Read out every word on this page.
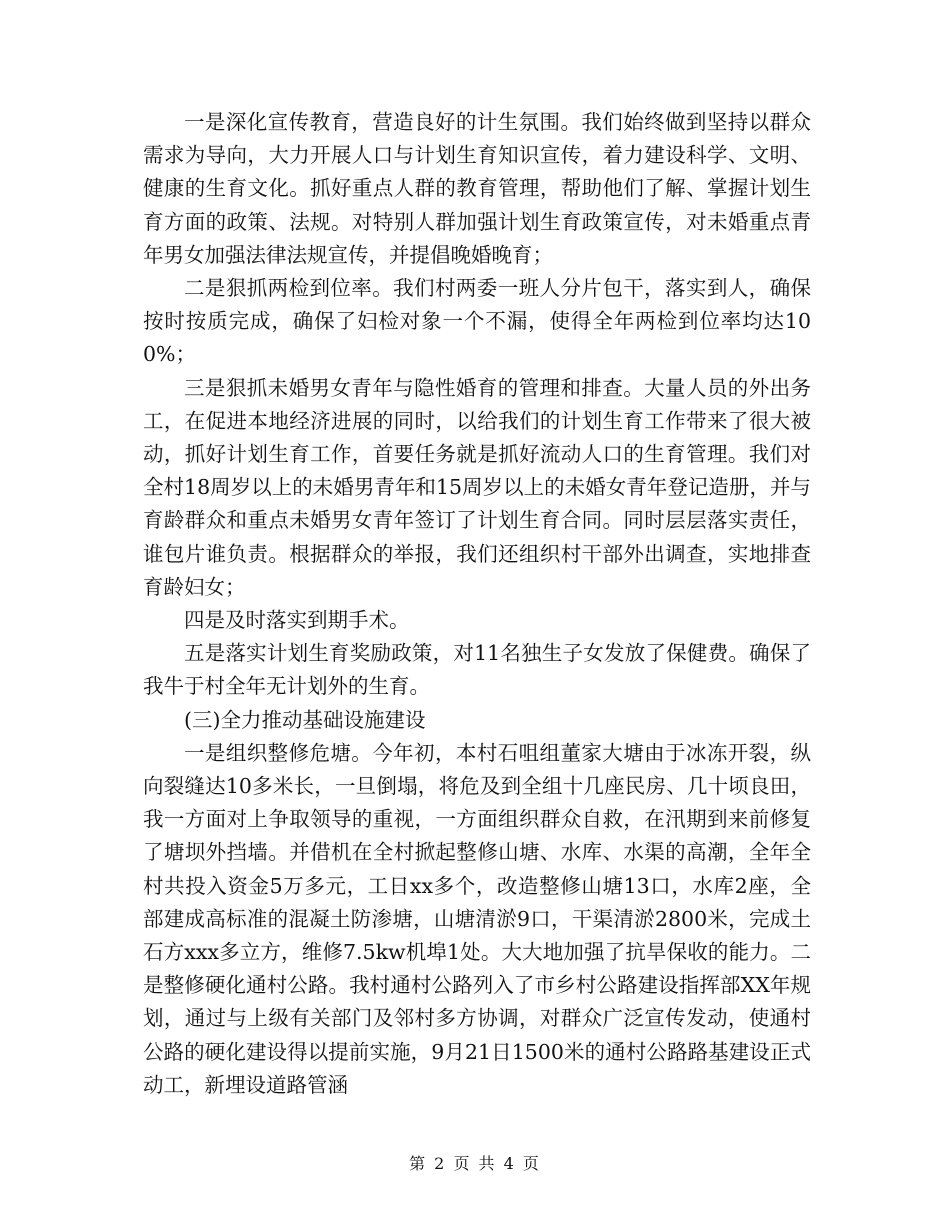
一是深化宣传教育，营造良好的计生氛围。我们始终做到坚持以群众需求为导向，大力开展人口与计划生育知识宣传，着力建设科学、文明、健康的生育文化。抓好重点人群的教育管理，帮助他们了解、掌握计划生育方面的政策、法规。对特别人群加强计划生育政策宣传，对未婚重点青年男女加强法律法规宣传，并提倡晚婚晚育；

二是狠抓两检到位率。我们村两委一班人分片包干，落实到人，确保按时按质完成，确保了妇检对象一个不漏，使得全年两检到位率均达100%；

三是狠抓未婚男女青年与隐性婚育的管理和排查。大量人员的外出务工，在促进本地经济进展的同时，以给我们的计划生育工作带来了很大被动，抓好计划生育工作，首要任务就是抓好流动人口的生育管理。我们对全村18周岁以上的未婚男青年和15周岁以上的未婚女青年登记造册，并与育龄群众和重点未婚男女青年签订了计划生育合同。同时层层落实责任，谁包片谁负责。根据群众的举报，我们还组织村干部外出调查，实地排查育龄妇女；

四是及时落实到期手术。

五是落实计划生育奖励政策，对11名独生子女发放了保健费。确保了我牛于村全年无计划外的生育。

(三)全力推动基础设施建设

一是组织整修危塘。今年初，本村石咀组董家大塘由于冰冻开裂，纵向裂缝达10多米长，一旦倒塌，将危及到全组十几座民房、几十顷良田，我一方面对上争取领导的重视，一方面组织群众自救，在汛期到来前修复了塘坝外挡墙。并借机在全村掀起整修山塘、水库、水渠的高潮，全年全村共投入资金5万多元，工日xx多个，改造整修山塘13口，水库2座，全部建成高标准的混凝土防渗塘，山塘清淤9口，干渠清淤2800米，完成土石方xxx多立方，维修7.5kw机埠1处。大大地加强了抗旱保收的能力。二是整修硬化通村公路。我村通村公路列入了市乡村公路建设指挥部XX年规划，通过与上级有关部门及邻村多方协调，对群众广泛宣传发动，使通村公路的硬化建设得以提前实施，9月21日1500米的通村公路路基建设正式动工，新埋设道路管涵

第 2 页 共 4 页
